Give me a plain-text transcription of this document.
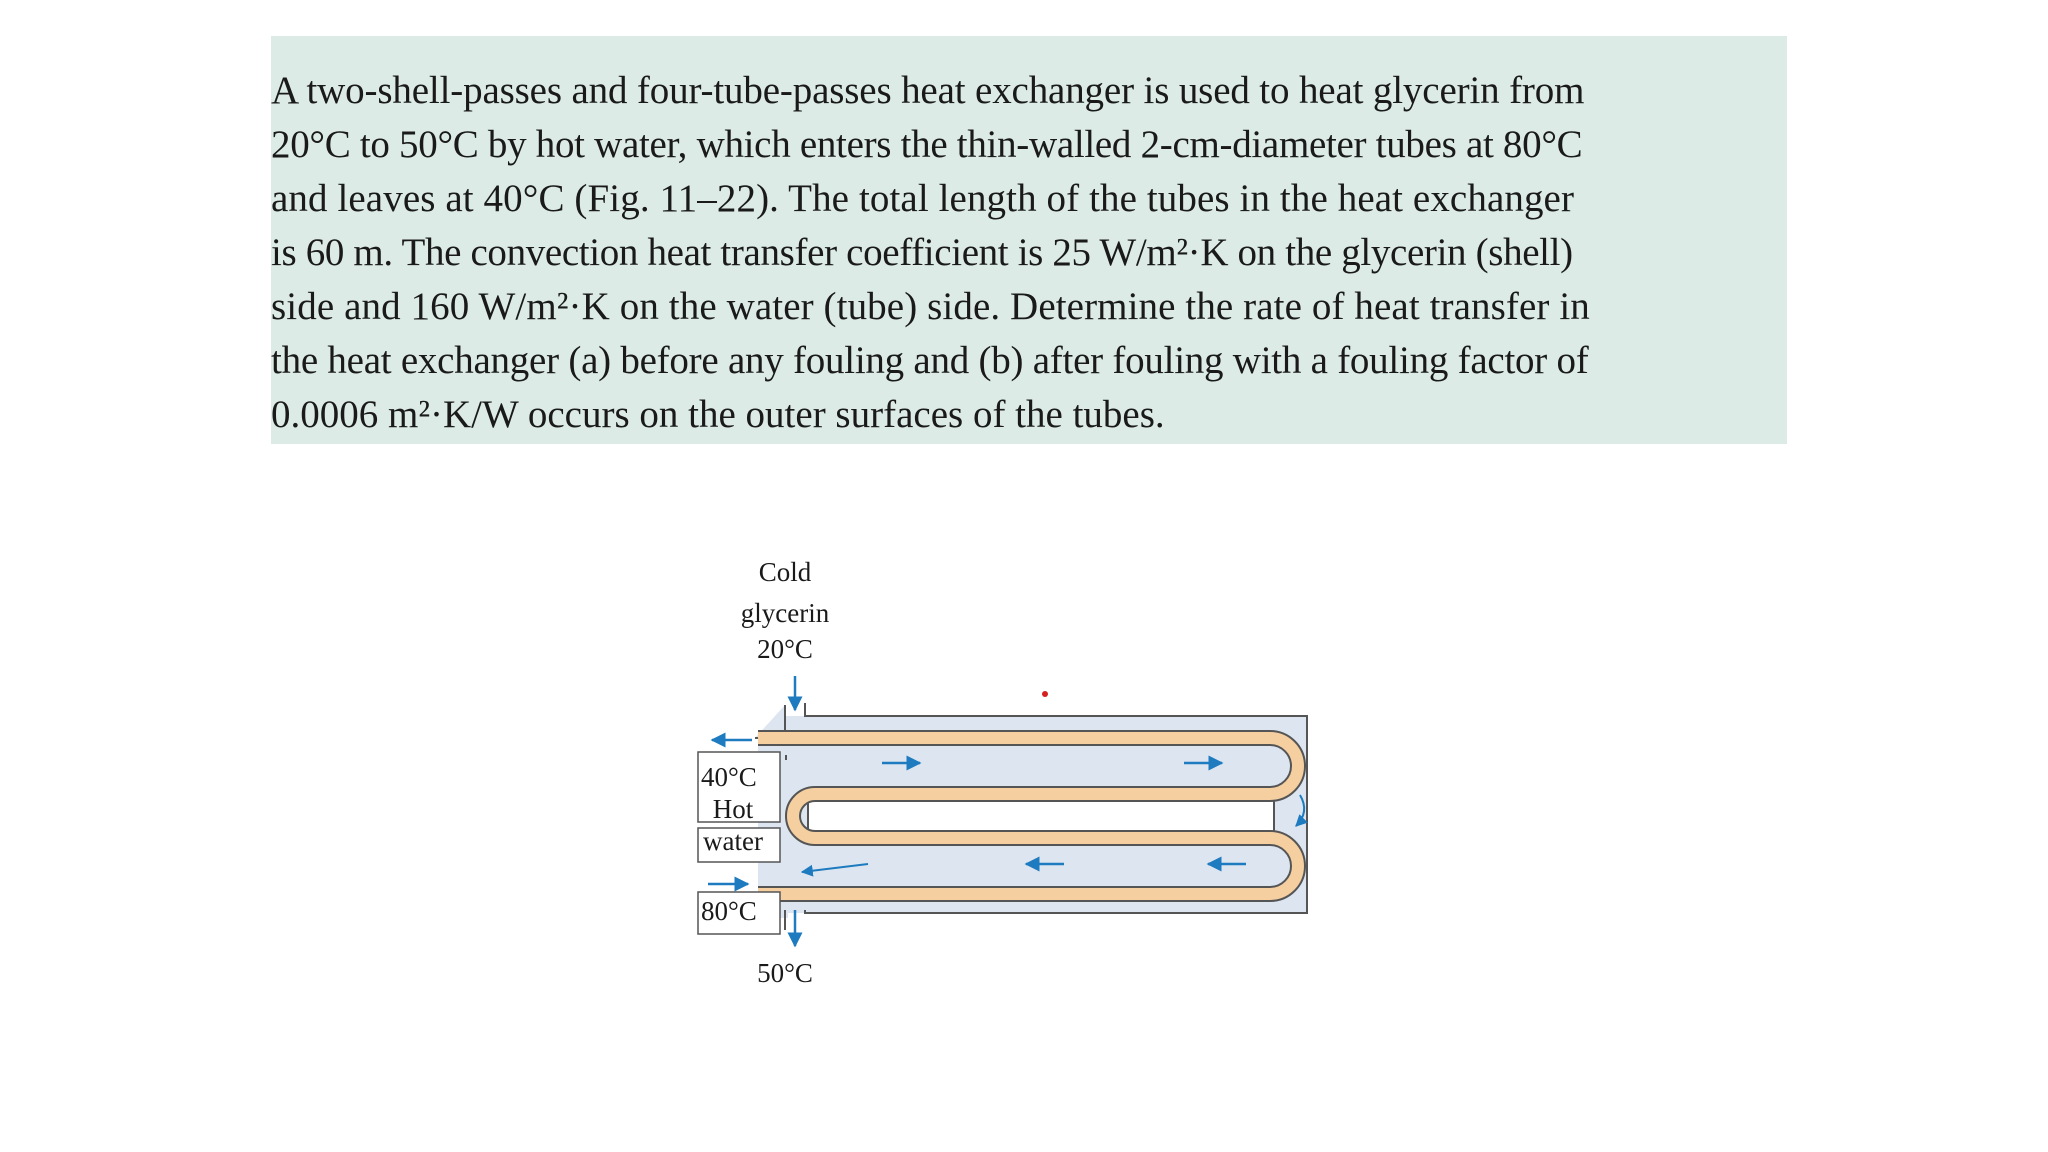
A two-shell-passes and four-tube-passes heat exchanger is used to heat glycerin from
20°C to 50°C by hot water, which enters the thin-walled 2-cm-diameter tubes at 80°C
and leaves at 40°C (Fig. 11–22). The total length of the tubes in the heat exchanger
is 60 m. The convection heat transfer coefficient is 25 W/m²·K on the glycerin (shell)
side and 160 W/m²·K on the water (tube) side. Determine the rate of heat transfer in
the heat exchanger (a) before any fouling and (b) after fouling with a fouling factor of
0.0006 m²·K/W occurs on the outer surfaces of the tubes.
Cold
glycerin
20°C
40°C
Hot
water
80°C
50°C
